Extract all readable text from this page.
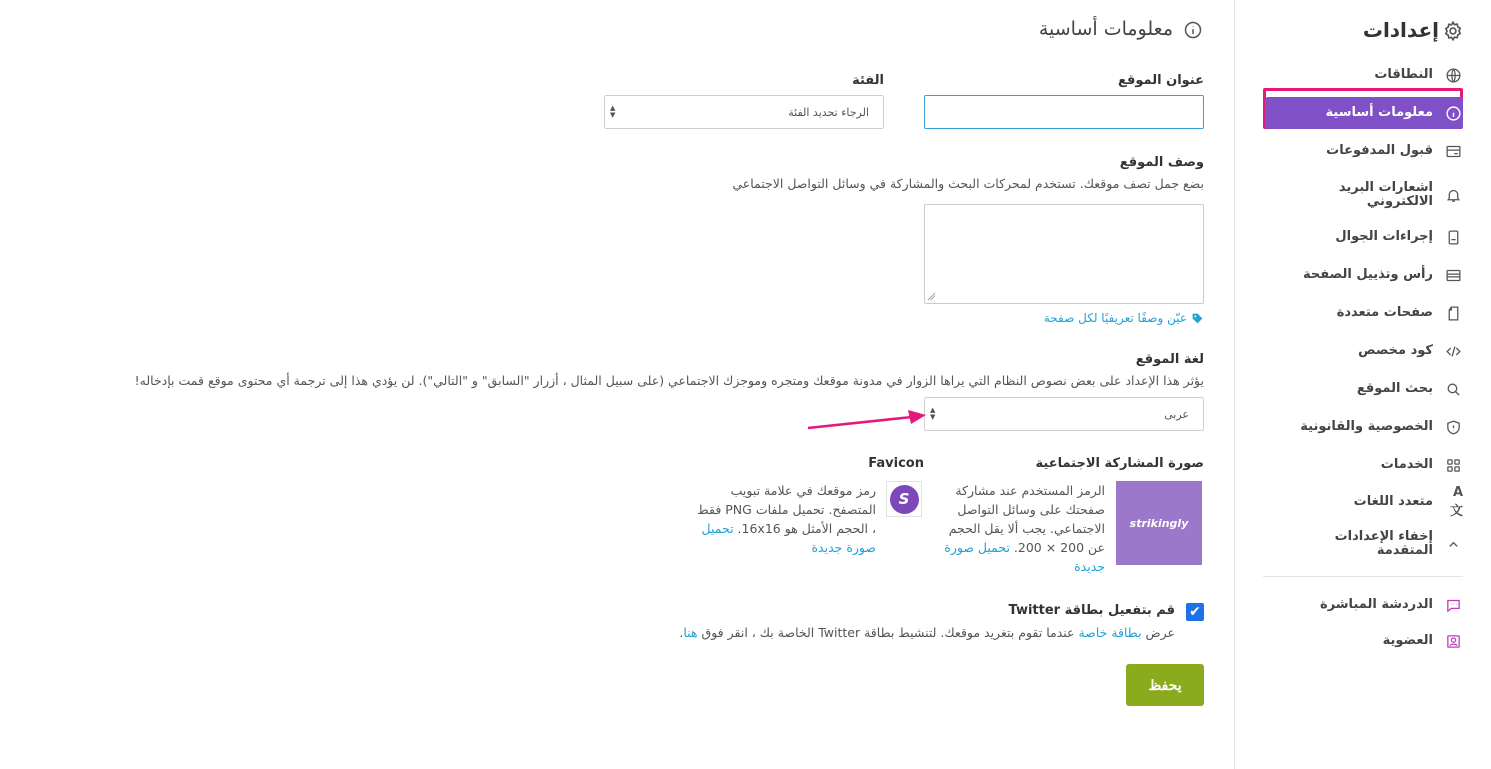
إعدادات
النطاقات
معلومات أساسية
قبول المدفوعات
اشعارات البريد الالكتروني
إجراءات الجوال
رأس وتذييل الصفحة
صفحات متعددة
كود مخصص
بحث الموقع
الخصوصية والقانونية
الخدمات
A文
متعدد اللغات
إخفاء الإعدادات المتقدمة
الدردشة المباشرة
العضوية
معلومات أساسية
عنوان الموقع
الفئة
الرجاء تحديد الفئة
▲
▼
وصف الموقع
بضع جمل تصف موقعك. تستخدم لمحركات البحث والمشاركة في وسائل التواصل الاجتماعي
عيّن وصفًا تعريفيًا لكل صفحة
لغة الموقع
يؤثر هذا الإعداد على بعض نصوص النظام التي يراها الزوار في مدونة موقعك ومتجره وموجزك الاجتماعي (على سبيل المثال ، أزرار "السابق" و "التالي"). لن يؤدي هذا إلى ترجمة أي محتوى موقع قمت بإدخاله!
عربى
▲
▼
صورة المشاركة الاجتماعية
strikingly
الرمز المستخدم عند مشاركة صفحتك على وسائل التواصل الاجتماعي. يجب ألا يقل الحجم عن 200 × 200. تحميل صورة جديدة
Favicon
S
رمز موقعك في علامة تبويب المتصفح. تحميل ملفات PNG فقط ، الحجم الأمثل هو 16x16. تحميل صورة جديدة
✔
قم بتفعيل بطاقة Twitter
عرض بطاقة خاصة عندما تقوم بتغريد موقعك. لتنشيط بطاقة Twitter الخاصة بك ، انقر فوق هنا.
يحفظ
